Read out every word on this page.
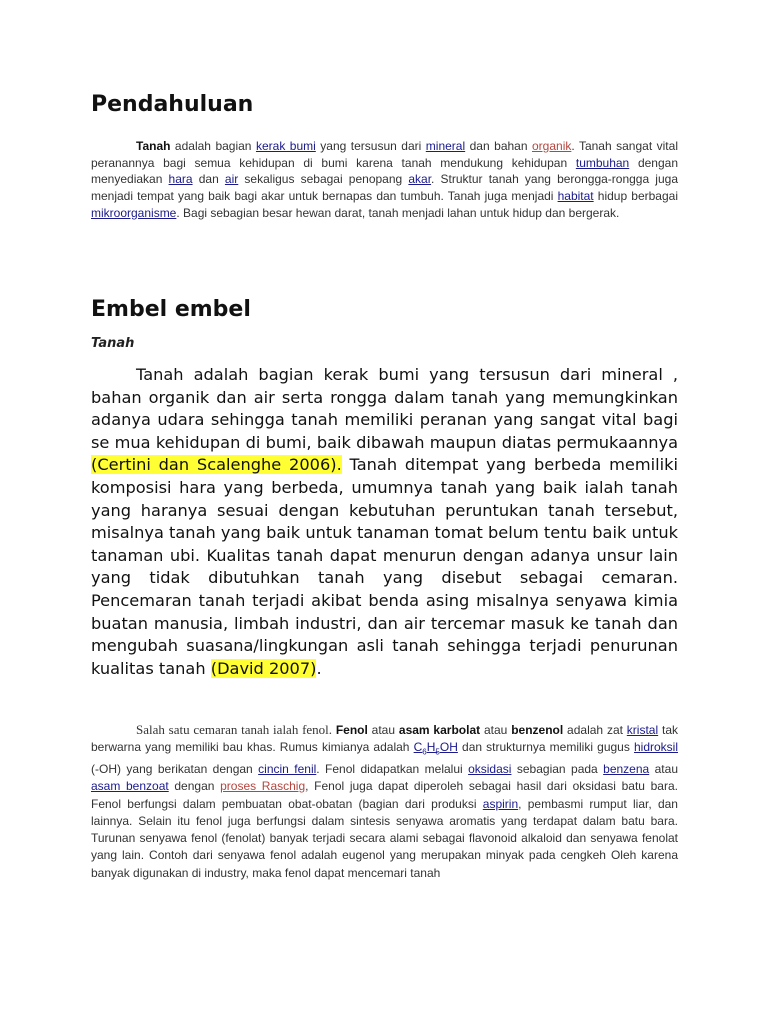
Pendahuluan

Tanah adalah bagian kerak bumi yang tersusun dari mineral dan bahan organik. Tanah sangat vital peranannya bagi semua kehidupan di bumi karena tanah mendukung kehidupan tumbuhan dengan menyediakan hara dan air sekaligus sebagai penopang akar. Struktur tanah yang berongga-rongga juga menjadi tempat yang baik bagi akar untuk bernapas dan tumbuh. Tanah juga menjadi habitat hidup berbagai mikroorganisme. Bagi sebagian besar hewan darat, tanah menjadi lahan untuk hidup dan bergerak.

Embel embel
Tanah

Tanah adalah bagian kerak bumi yang tersusun dari mineral , bahan organik dan air serta rongga dalam tanah yang memungkinkan adanya udara sehingga tanah memiliki peranan yang sangat vital bagi se mua kehidupan di bumi, baik dibawah maupun diatas permukaannya (Certini dan Scalenghe 2006). Tanah ditempat yang berbeda memiliki komposisi hara yang berbeda, umumnya tanah yang baik ialah tanah yang haranya sesuai dengan kebutuhan peruntukan tanah tersebut, misalnya tanah yang baik untuk tanaman tomat belum tentu baik untuk tanaman ubi. Kualitas tanah dapat menurun dengan adanya unsur lain yang tidak dibutuhkan tanah yang disebut sebagai cemaran. Pencemaran tanah terjadi akibat benda asing misalnya senyawa kimia buatan manusia, limbah industri, dan air tercemar masuk ke tanah dan mengubah suasana/lingkungan asli tanah sehingga terjadi penurunan kualitas tanah (David 2007).

Salah satu cemaran tanah ialah fenol. Fenol atau asam karbolat atau benzenol adalah zat kristal tak berwarna yang memiliki bau khas. Rumus kimianya adalah $C_6H_5OH$ dan strukturnya memiliki gugus hidroksil (-OH) yang berikatan dengan cincin fenil. Fenol didapatkan melalui oksidasi sebagian pada benzena atau asam benzoat dengan proses Raschig, Fenol juga dapat diperoleh sebagai hasil dari oksidasi batu bara. Fenol berfungsi dalam pembuatan obat-obatan (bagian dari produksi aspirin, pembasmi rumput liar, dan lainnya. Selain itu fenol juga berfungsi dalam sintesis senyawa aromatis yang terdapat dalam batu bara. Turunan senyawa fenol (fenolat) banyak terjadi secara alami sebagai flavonoid alkaloid dan senyawa fenolat yang lain. Contoh dari senyawa fenol adalah eugenol yang merupakan minyak pada cengkeh Oleh karena banyak digunakan di industry, maka fenol dapat mencemari tanah
